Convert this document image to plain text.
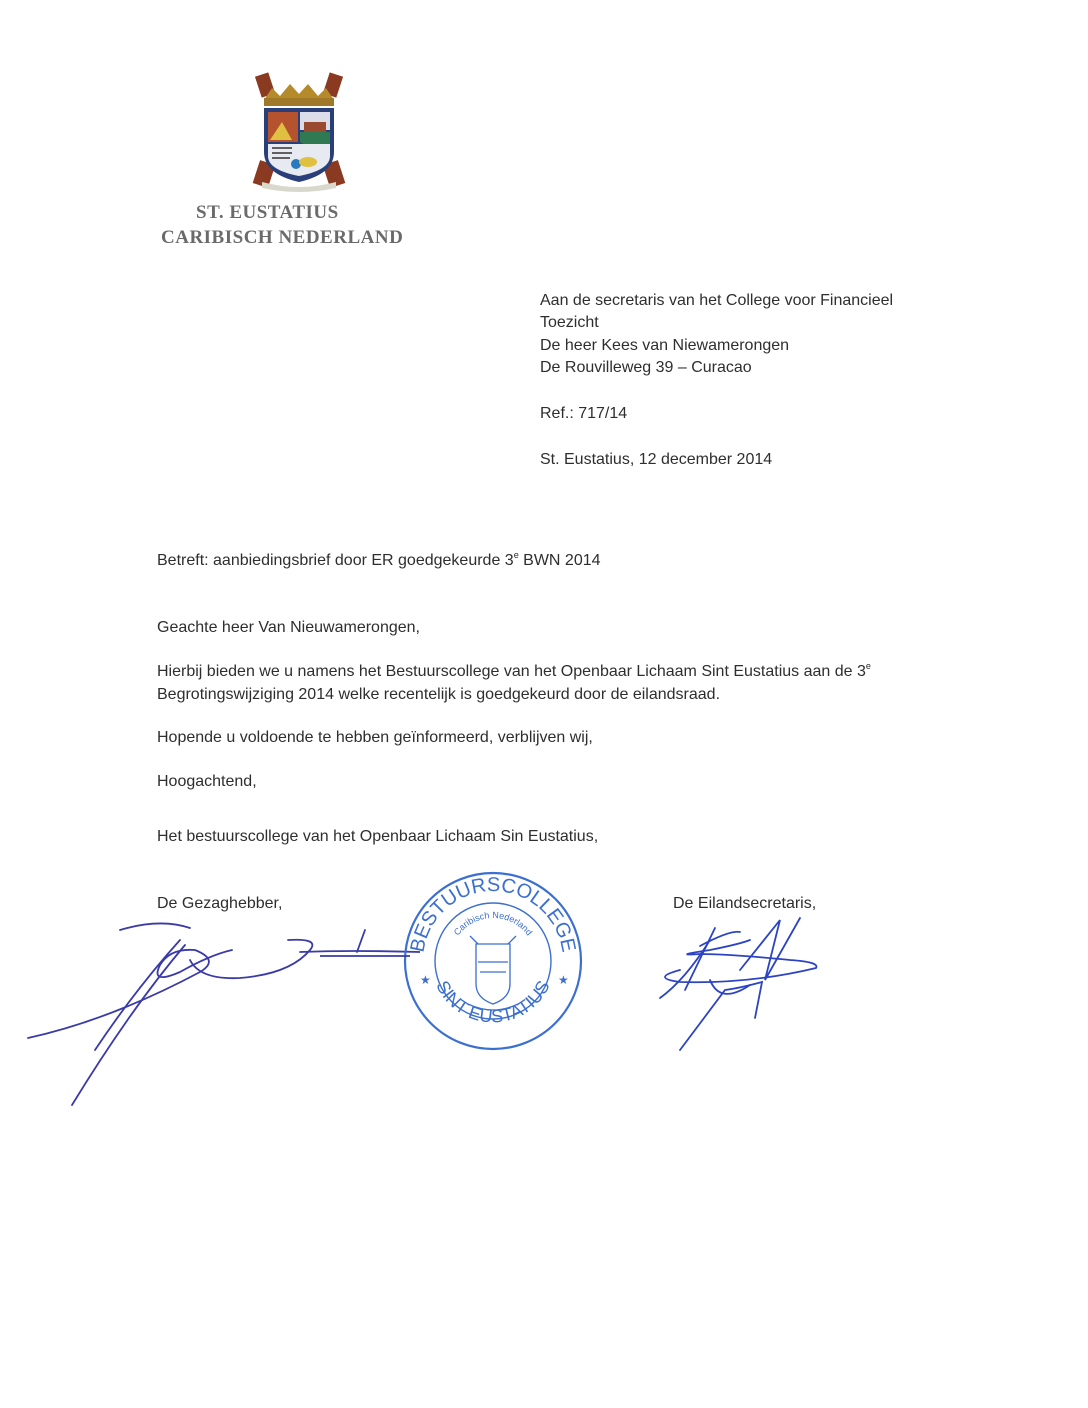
ST. EUSTATIUS
CARIBISCH NEDERLAND
Aan de secretaris van het College voor Financieel
Toezicht
De heer Kees van Niewamerongen
De Rouvilleweg 39 – Curacao
Ref.: 717/14
St. Eustatius, 12 december 2014
Betreft: aanbiedingsbrief door ER goedgekeurde 3e BWN 2014
Geachte heer Van Nieuwamerongen,
Hierbij bieden we u namens het Bestuurscollege van het Openbaar Lichaam Sint Eustatius aan de 3e
Begrotingswijziging 2014 welke recentelijk is goedgekeurd door de eilandsraad.
Hopende u voldoende te hebben geïnformeerd, verblijven wij,
Hoogachtend,
Het bestuurscollege van het Openbaar Lichaam Sin Eustatius,
De Gezaghebber,	De Eilandsecretaris,
BESTUURSCOLLEGE
SINT EUSTATIUS
Caribisch Nederland
★	★
